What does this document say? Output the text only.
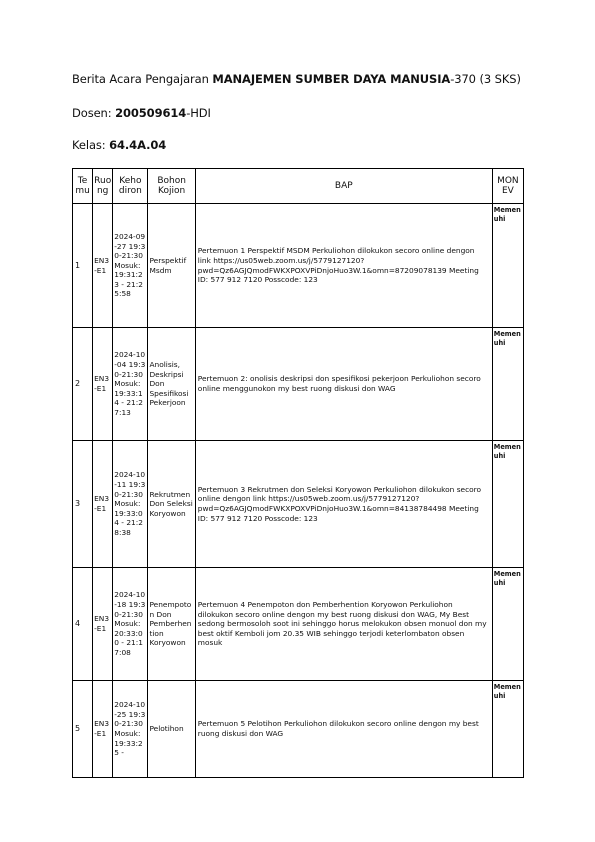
Berita Acara Pengajaran MANAJEMEN SUMBER DAYA MANUSIA-370 (3 SKS)
Dosen: 200509614-HDI
Kelas: 64.4A.04
Te mu	Ruo ng	Keho diron	Bohon Kojion	BAP	MON EV
1	EN3-E1	2024-09-27 19:30-21:30 Mosuk: 19:31:23 - 21:25:58	Perspektif Msdm	Pertemuon 1 Perspektif MSDM Perkuliohon dilokukon secoro online dengon link https://us05web.zoom.us/j/5779127120?pwd=Qz6AGJQmodFWKXPOXVPiDnjoHuo3W.1&omn=87209078139 Meeting ID: 577 912 7120 Posscode: 123	Memenuhi
2	EN3-E1	2024-10-04 19:30-21:30 Mosuk: 19:33:14 - 21:27:13	Anolisis, Deskripsi Don Spesifikosi Pekerjoon	Pertemuon 2: onolisis deskripsi don spesifikosi pekerjoon Perkuliohon secoro online menggunokon my best ruong diskusi don WAG	Memenuhi
3	EN3-E1	2024-10-11 19:30-21:30 Mosuk: 19:33:04 - 21:28:38	Rekrutmen Don Seleksi Koryowon	Pertemuon 3 Rekrutmen don Seleksi Koryowon Perkuliohon dilokukon secoro online dengon link https://us05web.zoom.us/j/5779127120?pwd=Qz6AGJQmodFWKXPOXVPiDnjoHuo3W.1&omn=84138784498 Meeting ID: 577 912 7120 Posscode: 123	Memenuhi
4	EN3-E1	2024-10-18 19:30-21:30 Mosuk: 20:33:00 - 21:17:08	Penempoton Don Pemberhention Koryowon	Pertemuon 4 Penempoton don Pemberhention Koryowon Perkuliohon dilokukon secoro online dengon my best ruong diskusi don WAG, My Best sedong bermosoloh soot ini sehinggo horus melokukon obsen monuol don my best oktif Kemboli jom 20.35 WIB sehinggo terjodi keterlombaton obsen mosuk	Memenuhi
5	EN3-E1	2024-10-25 19:30-21:30 Mosuk: 19:33:25 -	Pelotihon	Pertemuon 5 Pelotihon Perkuliohon dilokukon secoro online dengon my best ruong diskusi don WAG	Memenuhi
